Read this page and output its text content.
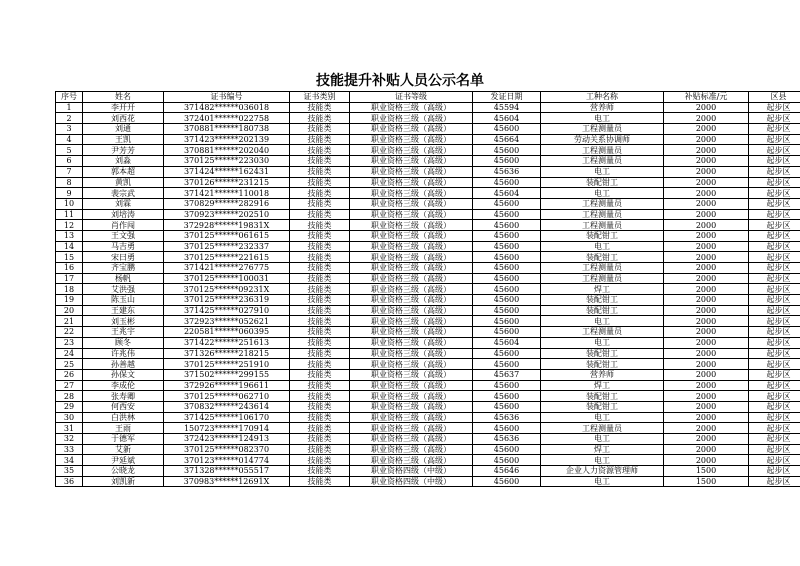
技能提升补贴人员公示名单
序号	姓名	证书编号	证书类别	证书等级	发证日期	工种名称	补贴标准/元	区县
1	李开开	371482******036018	技能类	职业资格三级（高级）	45594	营养师	2000	起步区
2	刘西花	372401******022758	技能类	职业资格三级（高级）	45604	电工	2000	起步区
3	刘通	370881******180738	技能类	职业资格三级（高级）	45600	工程测量员	2000	起步区
4	王凯	371423******202139	技能类	职业资格三级（高级）	45664	劳动关系协调师	2000	起步区
5	尹芳芳	370881******202040	技能类	职业资格三级（高级）	45600	工程测量员	2000	起步区
6	刘淼	370125******223030	技能类	职业资格三级（高级）	45600	工程测量员	2000	起步区
7	郭本超	371424******162431	技能类	职业资格三级（高级）	45636	电工	2000	起步区
8	黄凯	370126******231215	技能类	职业资格三级（高级）	45600	装配钳工	2000	起步区
9	裴宗武	371421******110018	技能类	职业资格三级（高级）	45604	电工	2000	起步区
10	刘霖	370829******282916	技能类	职业资格三级（高级）	45600	工程测量员	2000	起步区
11	刘培涛	370923******202510	技能类	职业资格三级（高级）	45600	工程测量员	2000	起步区
12	肖作闯	372928******19831X	技能类	职业资格三级（高级）	45600	工程测量员	2000	起步区
13	王文强	370125******061615	技能类	职业资格三级（高级）	45600	装配钳工	2000	起步区
14	马吉勇	370125******232337	技能类	职业资格三级（高级）	45600	电工	2000	起步区
15	宋曰勇	370125******221615	技能类	职业资格三级（高级）	45600	装配钳工	2000	起步区
16	齐宝鹏	371421******276775	技能类	职业资格三级（高级）	45600	工程测量员	2000	起步区
17	杨帆	370125******100031	技能类	职业资格三级（高级）	45600	工程测量员	2000	起步区
18	艾洪强	370125******09231X	技能类	职业资格三级（高级）	45600	焊工	2000	起步区
19	陈玉山	370125******236319	技能类	职业资格三级（高级）	45600	装配钳工	2000	起步区
20	王建东	371425******027910	技能类	职业资格三级（高级）	45600	装配钳工	2000	起步区
21	刘玉彬	372923******052621	技能类	职业资格三级（高级）	45600	电工	2000	起步区
22	王兆宇	220581******060395	技能类	职业资格三级（高级）	45600	工程测量员	2000	起步区
23	顾冬	371422******251613	技能类	职业资格三级（高级）	45604	电工	2000	起步区
24	许兆伟	371326******218215	技能类	职业资格三级（高级）	45600	装配钳工	2000	起步区
25	孙善越	370125******251910	技能类	职业资格三级（高级）	45600	装配钳工	2000	起步区
26	孙保文	371502******299155	技能类	职业资格三级（高级）	45637	营养师	2000	起步区
27	李成伦	372926******196611	技能类	职业资格三级（高级）	45600	焊工	2000	起步区
28	张寿卿	370125******062710	技能类	职业资格三级（高级）	45600	装配钳工	2000	起步区
29	何西安	370832******243614	技能类	职业资格三级（高级）	45600	装配钳工	2000	起步区
30	白洪林	371425******106170	技能类	职业资格三级（高级）	45636	电工	2000	起步区
31	王雨	150723******170914	技能类	职业资格三级（高级）	45600	工程测量员	2000	起步区
32	于德军	372423******124913	技能类	职业资格三级（高级）	45636	电工	2000	起步区
33	艾新	370125******082370	技能类	职业资格三级（高级）	45600	焊工	2000	起步区
34	尹延斌	370123******014774	技能类	职业资格三级（高级）	45600	电工	2000	起步区
35	公晓龙	371328******055517	技能类	职业资格四级（中级）	45646	企业人力资源管理师	1500	起步区
36	刘凯新	370983******12691X	技能类	职业资格四级（中级）	45600	电工	1500	起步区
